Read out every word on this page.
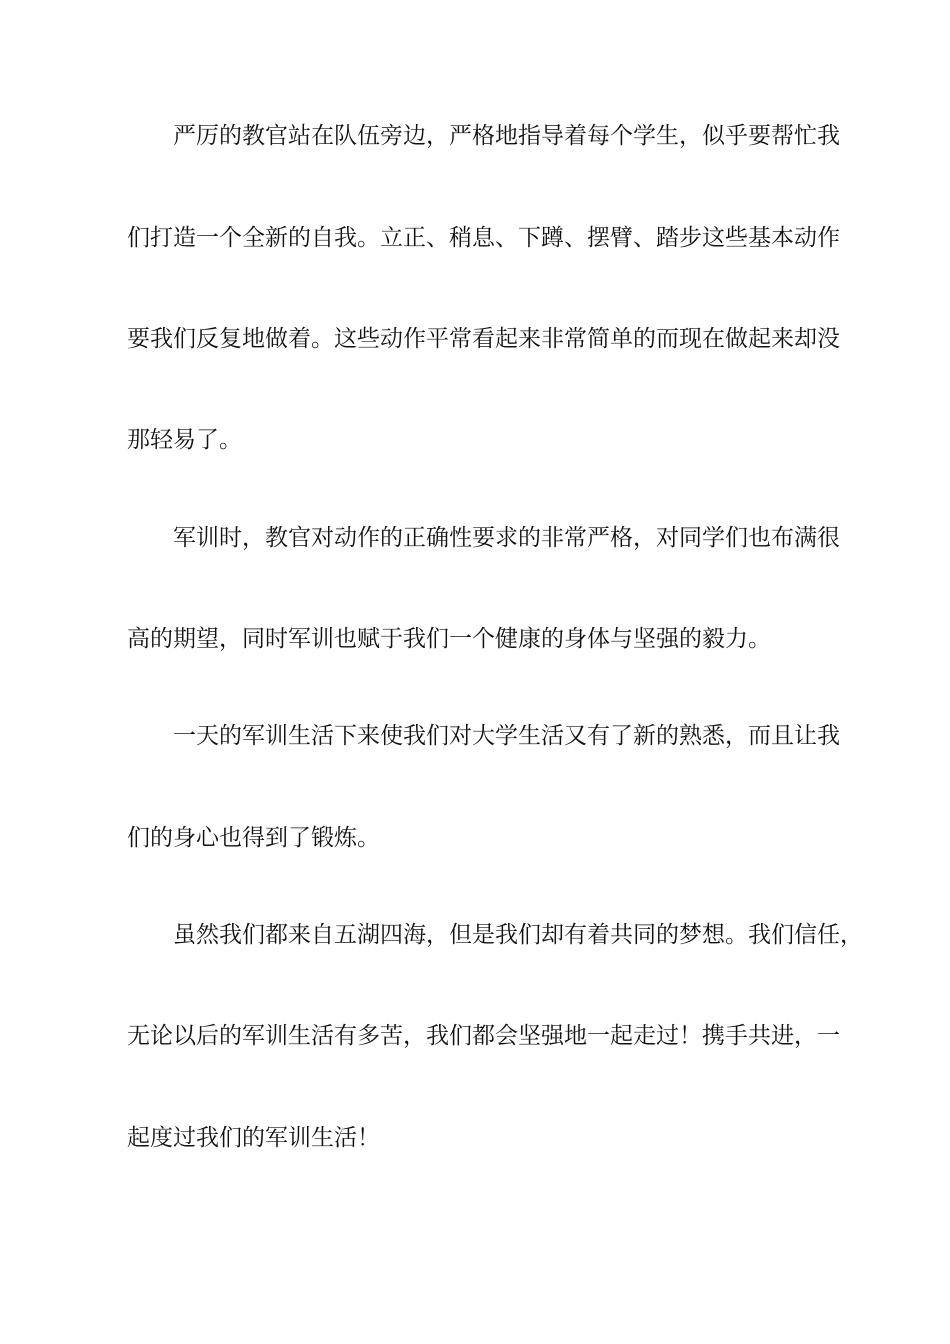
严厉的教官站在队伍旁边，严格地指导着每个学生，似乎要帮忙我
们打造一个全新的自我。立正、稍息、下蹲、摆臂、踏步这些基本动作
要我们反复地做着。这些动作平常看起来非常简单的而现在做起来却没
那轻易了。
军训时，教官对动作的正确性要求的非常严格，对同学们也布满很
高的期望，同时军训也赋于我们一个健康的身体与坚强的毅力。
一天的军训生活下来使我们对大学生活又有了新的熟悉，而且让我
们的身心也得到了锻炼。
虽然我们都来自五湖四海，但是我们却有着共同的梦想。我们信任，
无论以后的军训生活有多苦，我们都会坚强地一起走过！携手共进，一
起度过我们的军训生活！
